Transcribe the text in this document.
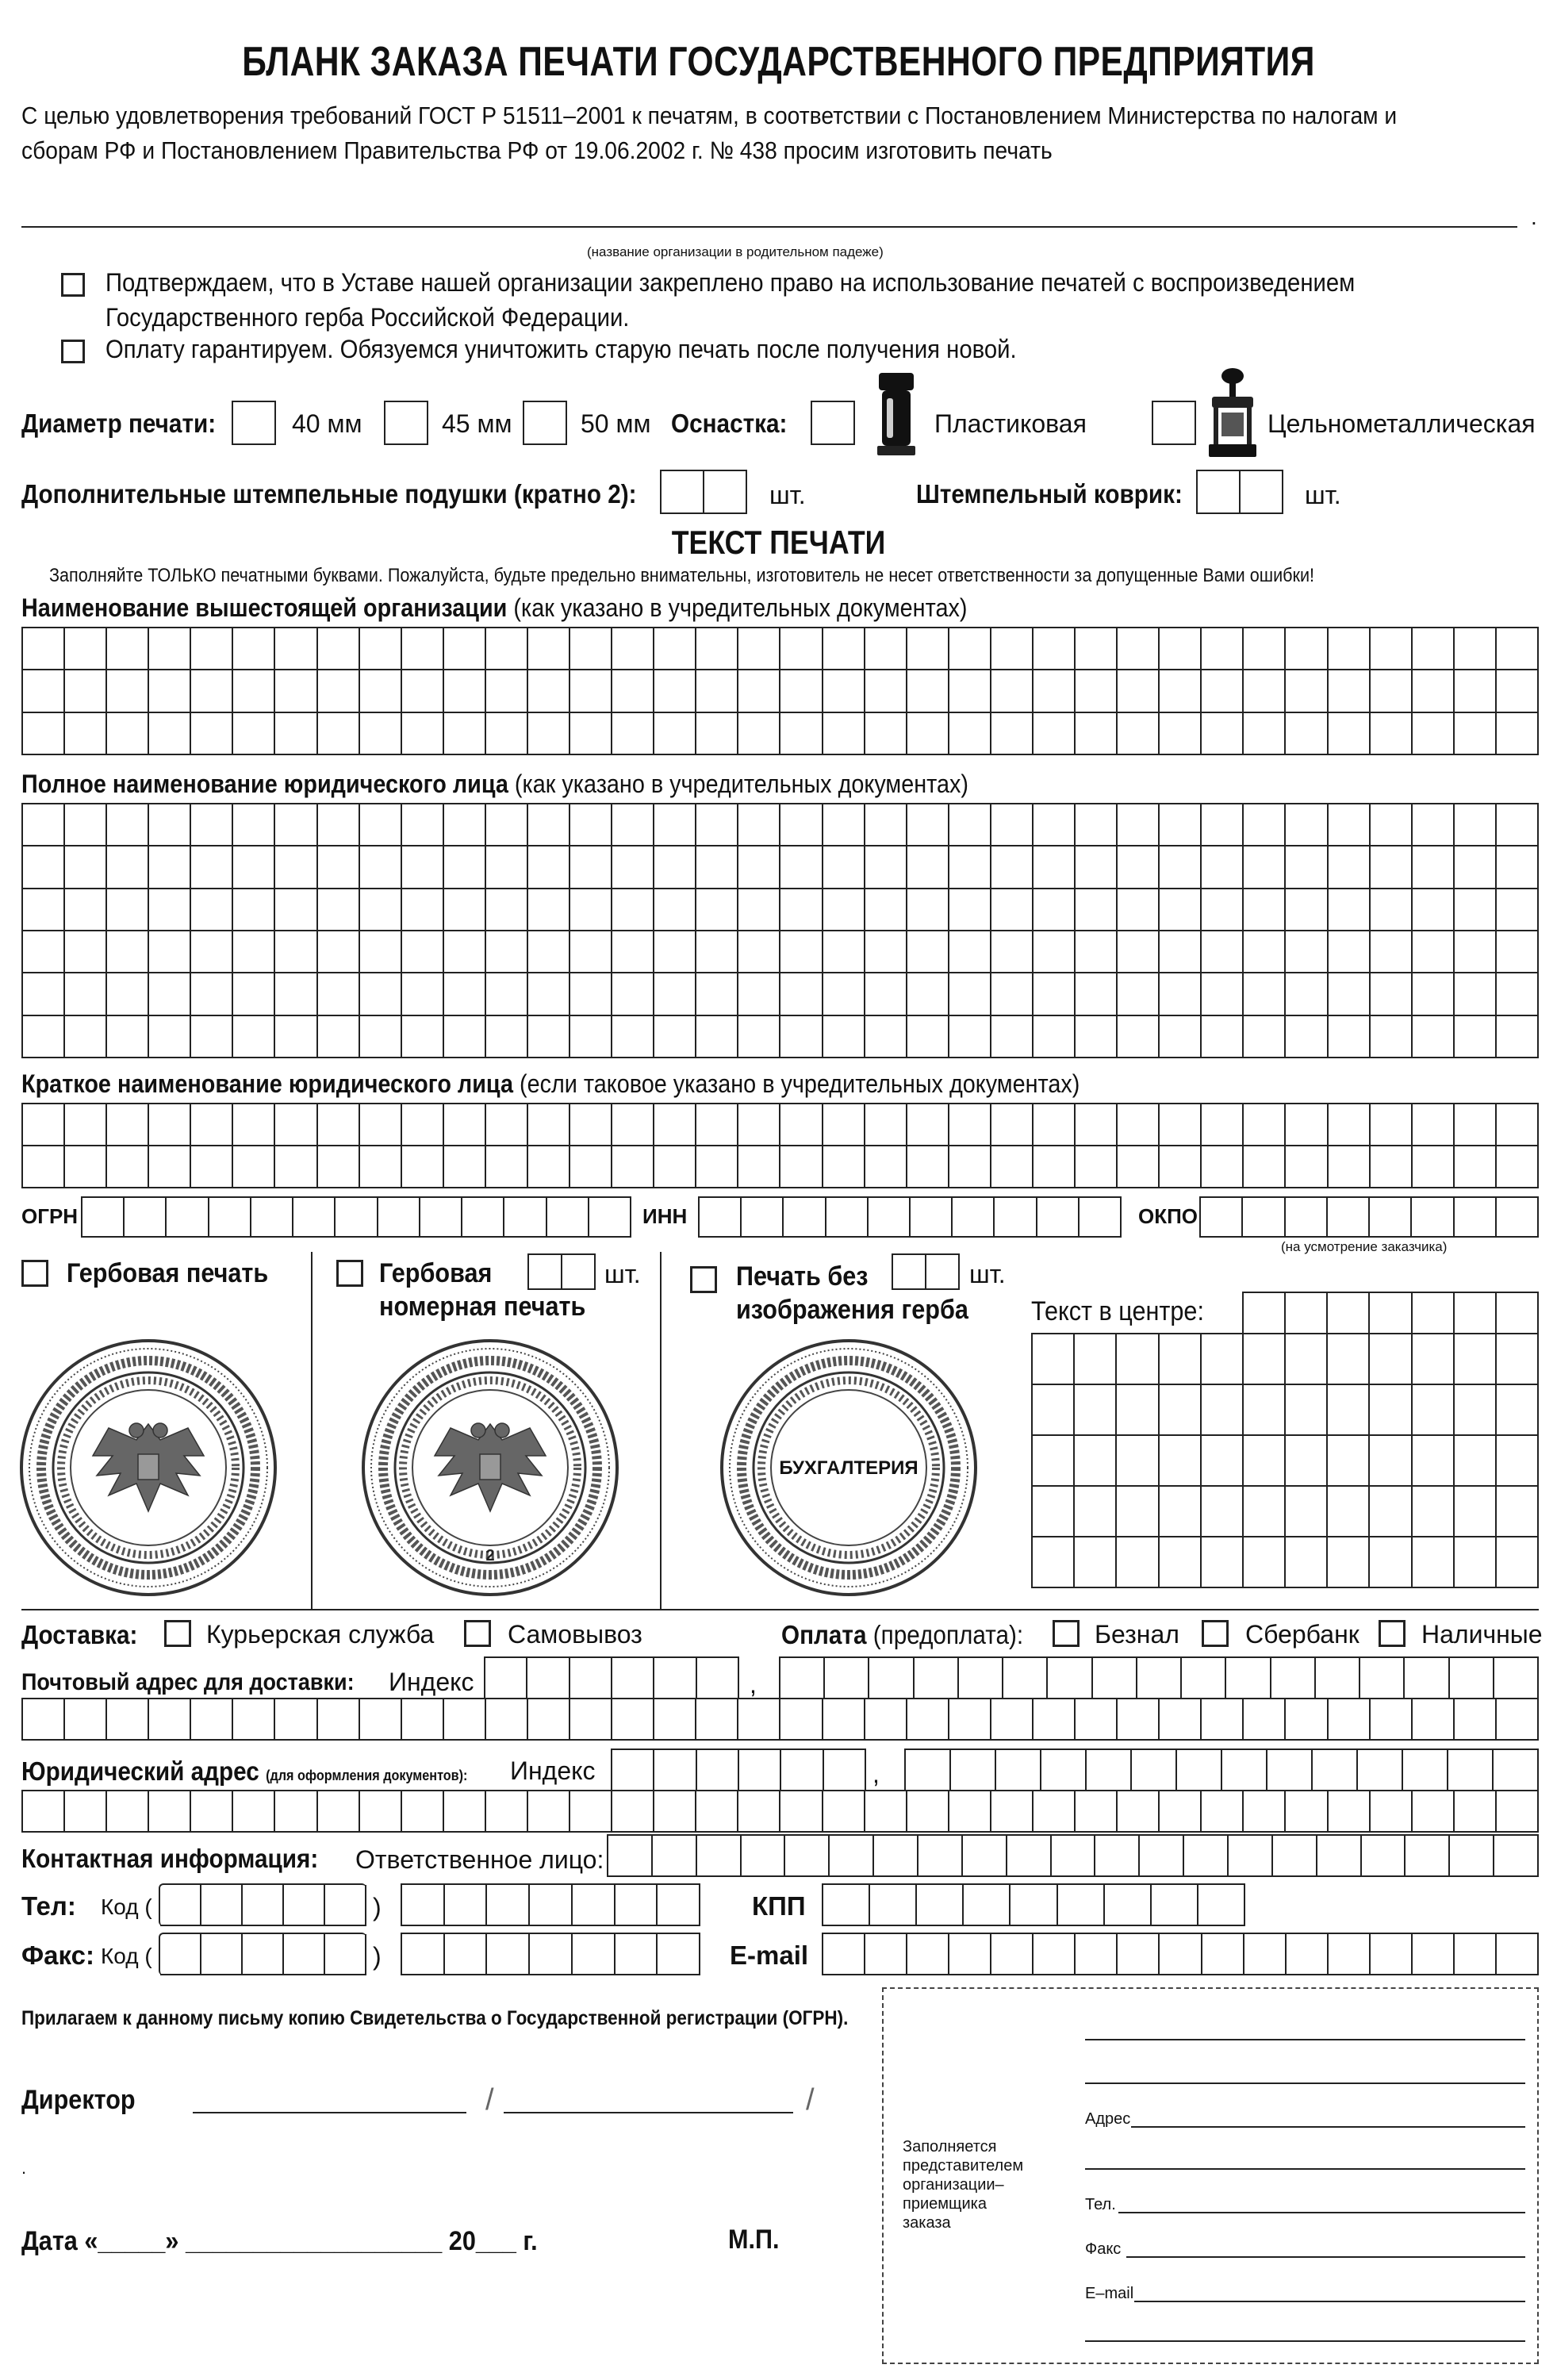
БЛАНК ЗАКАЗА ПЕЧАТИ ГОСУДАРСТВЕННОГО ПРЕДПРИЯТИЯ
С целью удовлетворения требований ГОСТ Р 51511–2001 к печатям, в соответствии с Постановлением Министерства по налогам и
сборам РФ и Постановлением Правительства РФ от 19.06.2002 г. № 438 просим изготовить печать
.
(название организации в родительном падеже)
Подтверждаем, что в Уставе нашей организации закреплено право на использование печатей с воспроизведением
Государственного герба Российской Федерации.
Оплату гарантируем. Обязуемся уничтожить старую печать после получения новой.
Диаметр печати:	40 мм	45 мм	50 мм Оснастка:	Пластиковая	Цельнометаллическая
Дополнительные штемпельные подушки (кратно 2):	шт.	Штемпельный коврик:	шт.
ТЕКСТ ПЕЧАТИ
Заполняйте ТОЛЬКО печатными буквами. Пожалуйста, будьте предельно внимательны, изготовитель не несет ответственности за допущенные Вами ошибки!
Наименование вышестоящей организации (как указано в учредительных документах)
Полное наименование юридического лица (как указано в учредительных документах)
Краткое наименование юридического лица (если таковое указано в учредительных документах)
ОГРН	ИНН	ОКПО
(на усмотрение заказчика)
Гербовая печать	Гербовая
номерная печать
шт.	Печать без
изображения герба
шт.
Текст в центре:
2
БУХГАЛТЕРИЯ
Доставка:	Курьерская служба	Самовывоз	Оплата (предоплата):	Безнал	Сбербанк Наличные
Почтовый адрес для доставки: Индекс	,
Юридический адрес (для оформления документов): Индекс	,
Контактная информация: Ответственное лицо:
Тел: Код (	)	КПП
Факс: Код (	)	E-mail
Прилагаем к данному письму копию Свидетельства о Государственной регистрации (ОГРН).
Директор	/	/
.
Дата «_____» ___________________ 20___ г.	М.П.
Заполняется
представителем
организации–
приемщика
заказа
Адрес
Тел.
Факс
E–mail
